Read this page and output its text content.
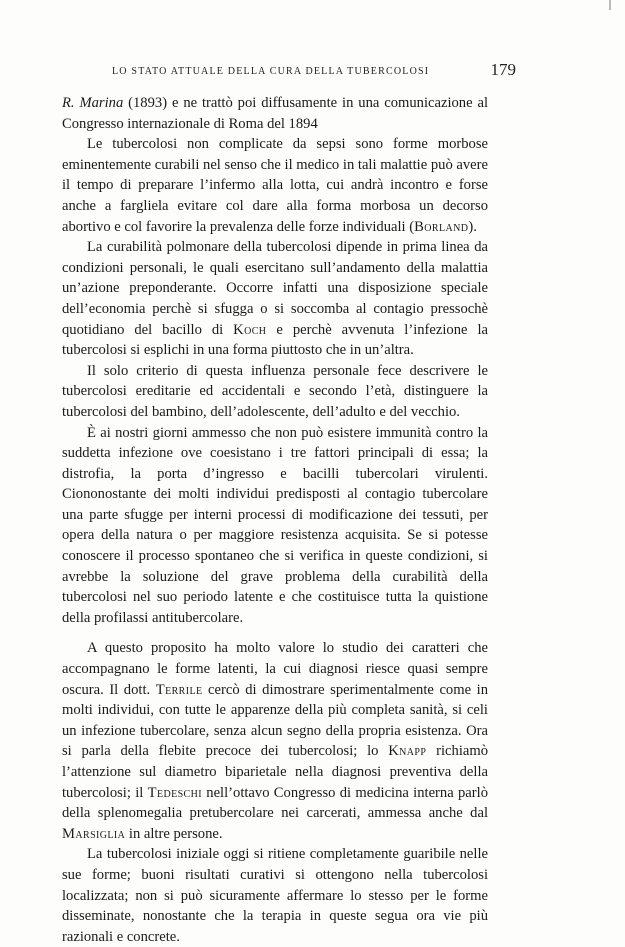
LO STATO ATTUALE DELLA CURA DELLA TUBERCOLOSI	179

R. Marina (1893) e ne trattò poi diffusamente in una comunicazione al Congresso internazionale di Roma del 1894

Le tubercolosi non complicate da sepsi sono forme morbose eminentemente curabili nel senso che il medico in tali malattie può avere il tempo di preparare l’infermo alla lotta, cui andrà incontro e forse anche a fargliela evitare col dare alla forma morbosa un decorso abortivo e col favorire la prevalenza delle forze individuali (Borland).

La curabilità polmonare della tubercolosi dipende in prima linea da condizioni personali, le quali esercitano sull’andamento della malattia un’azione preponderante. Occorre infatti una disposizione speciale dell’economia perchè si sfugga o si soccomba al contagio pressochè quotidiano del bacillo di Koch e perchè avvenuta l’infezione la tubercolosi si esplichi in una forma piuttosto che in un’altra.

Il solo criterio di questa influenza personale fece descrivere le tubercolosi ereditarie ed accidentali e secondo l’età, distinguere la tubercolosi del bambino, dell’adolescente, dell’adulto e del vecchio.

È ai nostri giorni ammesso che non può esistere immunità contro la suddetta infezione ove coesistano i tre fattori principali di essa; la distrofia, la porta d’ingresso e bacilli tubercolari virulenti. Ciononostante dei molti individui predisposti al contagio tubercolare una parte sfugge per interni processi di modificazione dei tessuti, per opera della natura o per maggiore resistenza acquisita. Se si potesse conoscere il processo spontaneo che si verifica in queste condizioni, si avrebbe la soluzione del grave problema della curabilità della tubercolosi nel suo periodo latente e che costituisce tutta la quistione della profilassi antitubercolare.

A questo proposito ha molto valore lo studio dei caratteri che accompagnano le forme latenti, la cui diagnosi riesce quasi sempre oscura. Il dott. Terrile cercò di dimostrare sperimentalmente come in molti individui, con tutte le apparenze della più completa sanità, si celi un infezione tubercolare, senza alcun segno della propria esistenza. Ora si parla della flebite precoce dei tubercolosi; lo Knapp richiamò l’attenzione sul diametro biparietale nella diagnosi preventiva della tubercolosi; il Tedeschi nell’ottavo Congresso di medicina interna parlò della splenomegalia pretubercolare nei carcerati, ammessa anche dal Marsiglia in altre persone.

La tubercolosi iniziale oggi si ritiene completamente guaribile nelle sue forme; buoni risultati curativi si ottengono nella tubercolosi localizzata; non si può sicuramente affermare lo stesso per le forme disseminate, nonostante che la terapia in queste segua ora vie più razionali e concrete.
